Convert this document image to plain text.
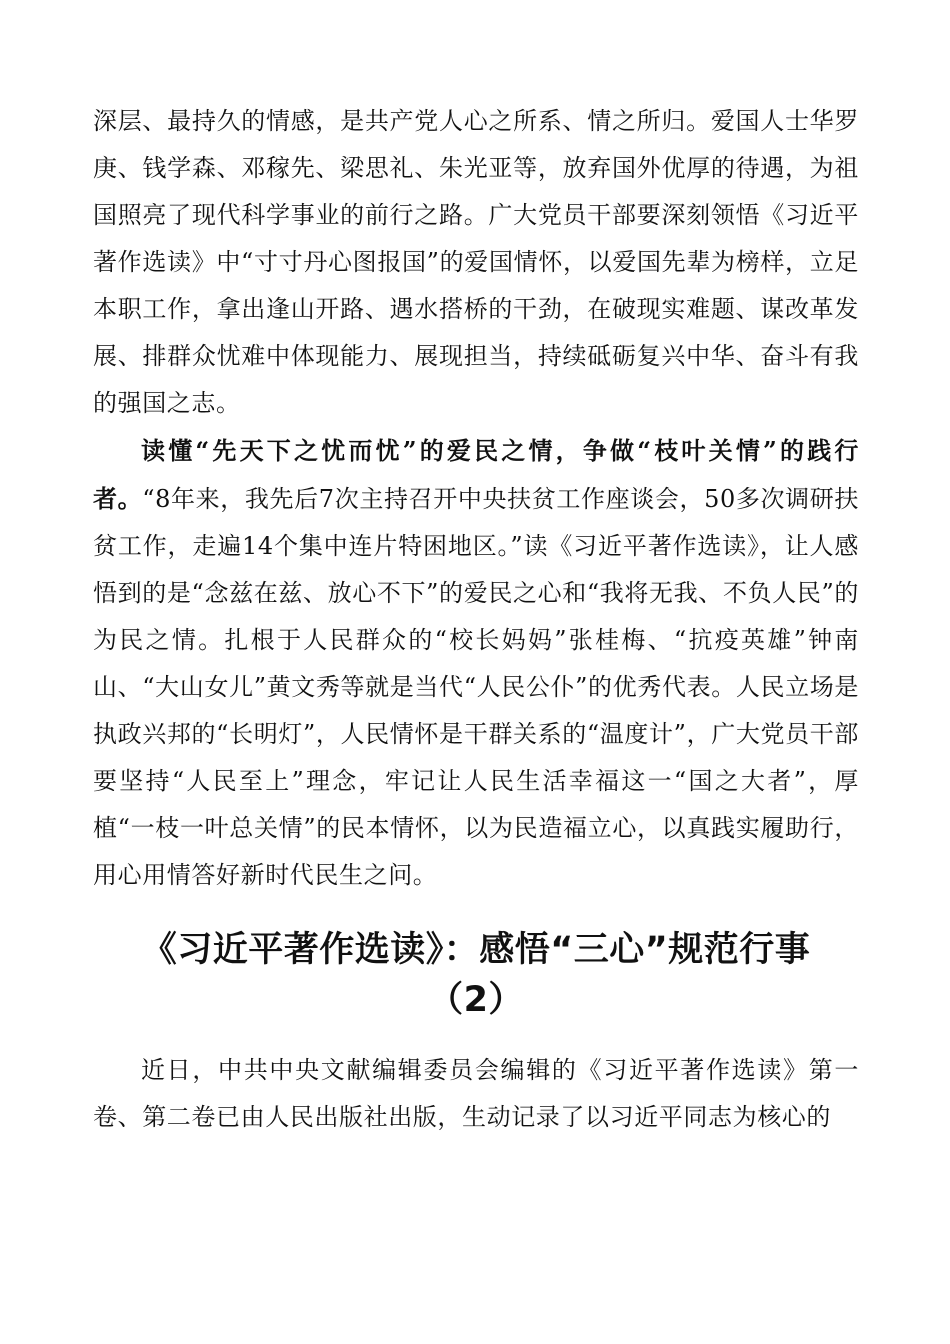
深层、最持久的情感，是共产党人心之所系、情之所归。爱国人士华罗庚、钱学森、邓稼先、梁思礼、朱光亚等，放弃国外优厚的待遇，为祖国照亮了现代科学事业的前行之路。广大党员干部要深刻领悟《习近平著作选读》中“寸寸丹心图报国”的爱国情怀，以爱国先辈为榜样，立足本职工作，拿出逢山开路、遇水搭桥的干劲，在破现实难题、谋改革发展、排群众忧难中体现能力、展现担当，持续砥砺复兴中华、奋斗有我的强国之志。

读懂“先天下之忧而忧”的爱民之情，争做“枝叶关情”的践行者。“8年来，我先后7次主持召开中央扶贫工作座谈会，50多次调研扶贫工作，走遍14个集中连片特困地区。”读《习近平著作选读》，让人感悟到的是“念兹在兹、放心不下”的爱民之心和“我将无我、不负人民”的为民之情。扎根于人民群众的“校长妈妈”张桂梅、“抗疫英雄”钟南山、“大山女儿”黄文秀等就是当代“人民公仆”的优秀代表。人民立场是执政兴邦的“长明灯”，人民情怀是干群关系的“温度计”，广大党员干部要坚持“人民至上”理念，牢记让人民生活幸福这一“国之大者”，厚植“一枝一叶总关情”的民本情怀，以为民造福立心，以真践实履助行，用心用情答好新时代民生之问。

《习近平著作选读》：感悟“三心”规范行事
（2）

近日，中共中央文献编辑委员会编辑的《习近平著作选读》第一卷、第二卷已由人民出版社出版，生动记录了以习近平同志为核心的
